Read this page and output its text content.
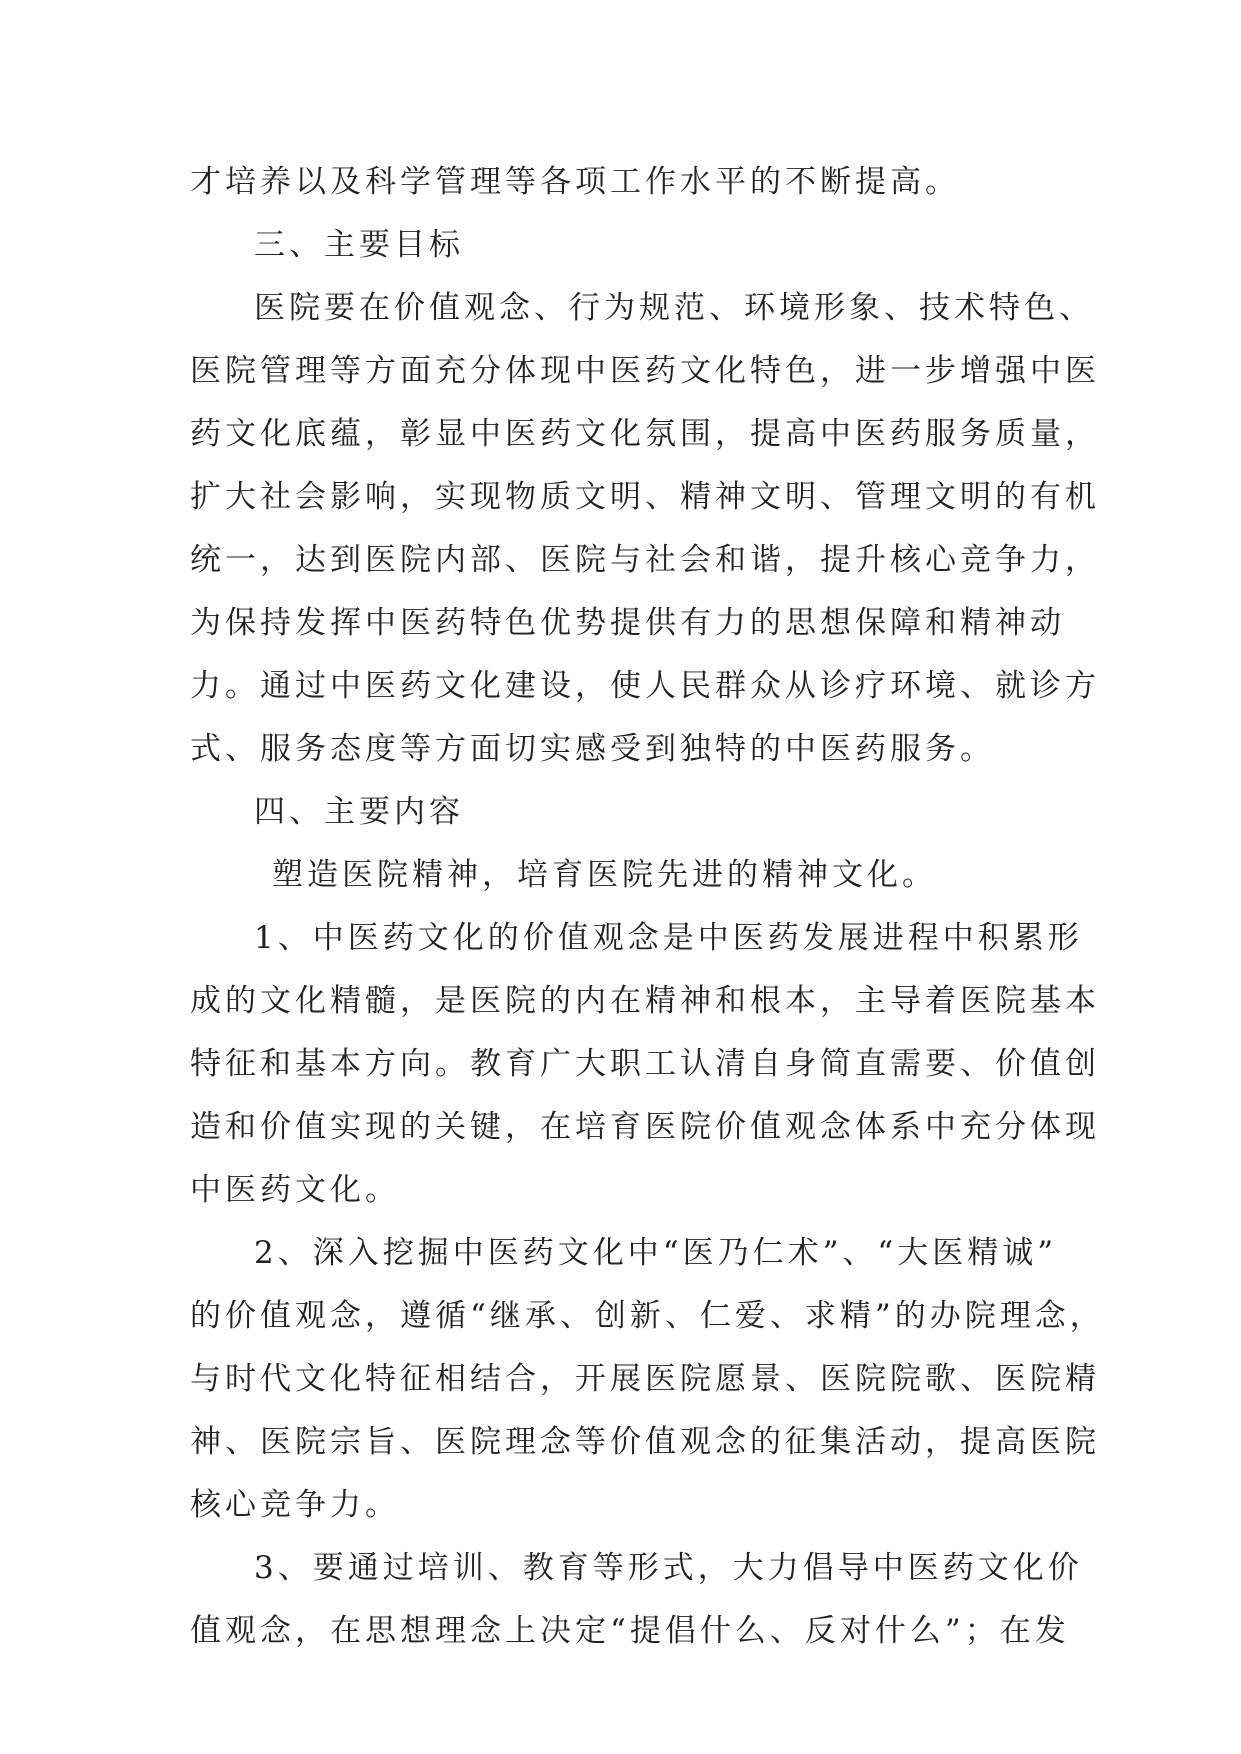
才培养以及科学管理等各项工作水平的不断提高。
三、主要目标
医院要在价值观念、行为规范、环境形象、技术特色、
医院管理等方面充分体现中医药文化特色，进一步增强中医
药文化底蕴，彰显中医药文化氛围，提高中医药服务质量，
扩大社会影响，实现物质文明、精神文明、管理文明的有机
统一，达到医院内部、医院与社会和谐，提升核心竞争力，
为保持发挥中医药特色优势提供有力的思想保障和精神动
力。通过中医药文化建设，使人民群众从诊疗环境、就诊方
式、服务态度等方面切实感受到独特的中医药服务。
四、主要内容
塑造医院精神，培育医院先进的精神文化。
1、中医药文化的价值观念是中医药发展进程中积累形
成的文化精髓，是医院的内在精神和根本，主导着医院基本
特征和基本方向。教育广大职工认清自身简直需要、价值创
造和价值实现的关键，在培育医院价值观念体系中充分体现
中医药文化。
2、深入挖掘中医药文化中“医乃仁术”、“大医精诚”
的价值观念，遵循“继承、创新、仁爱、求精”的办院理念，
与时代文化特征相结合，开展医院愿景、医院院歌、医院精
神、医院宗旨、医院理念等价值观念的征集活动，提高医院
核心竞争力。
3、要通过培训、教育等形式，大力倡导中医药文化价
值观念，在思想理念上决定“提倡什么、反对什么”；在发
